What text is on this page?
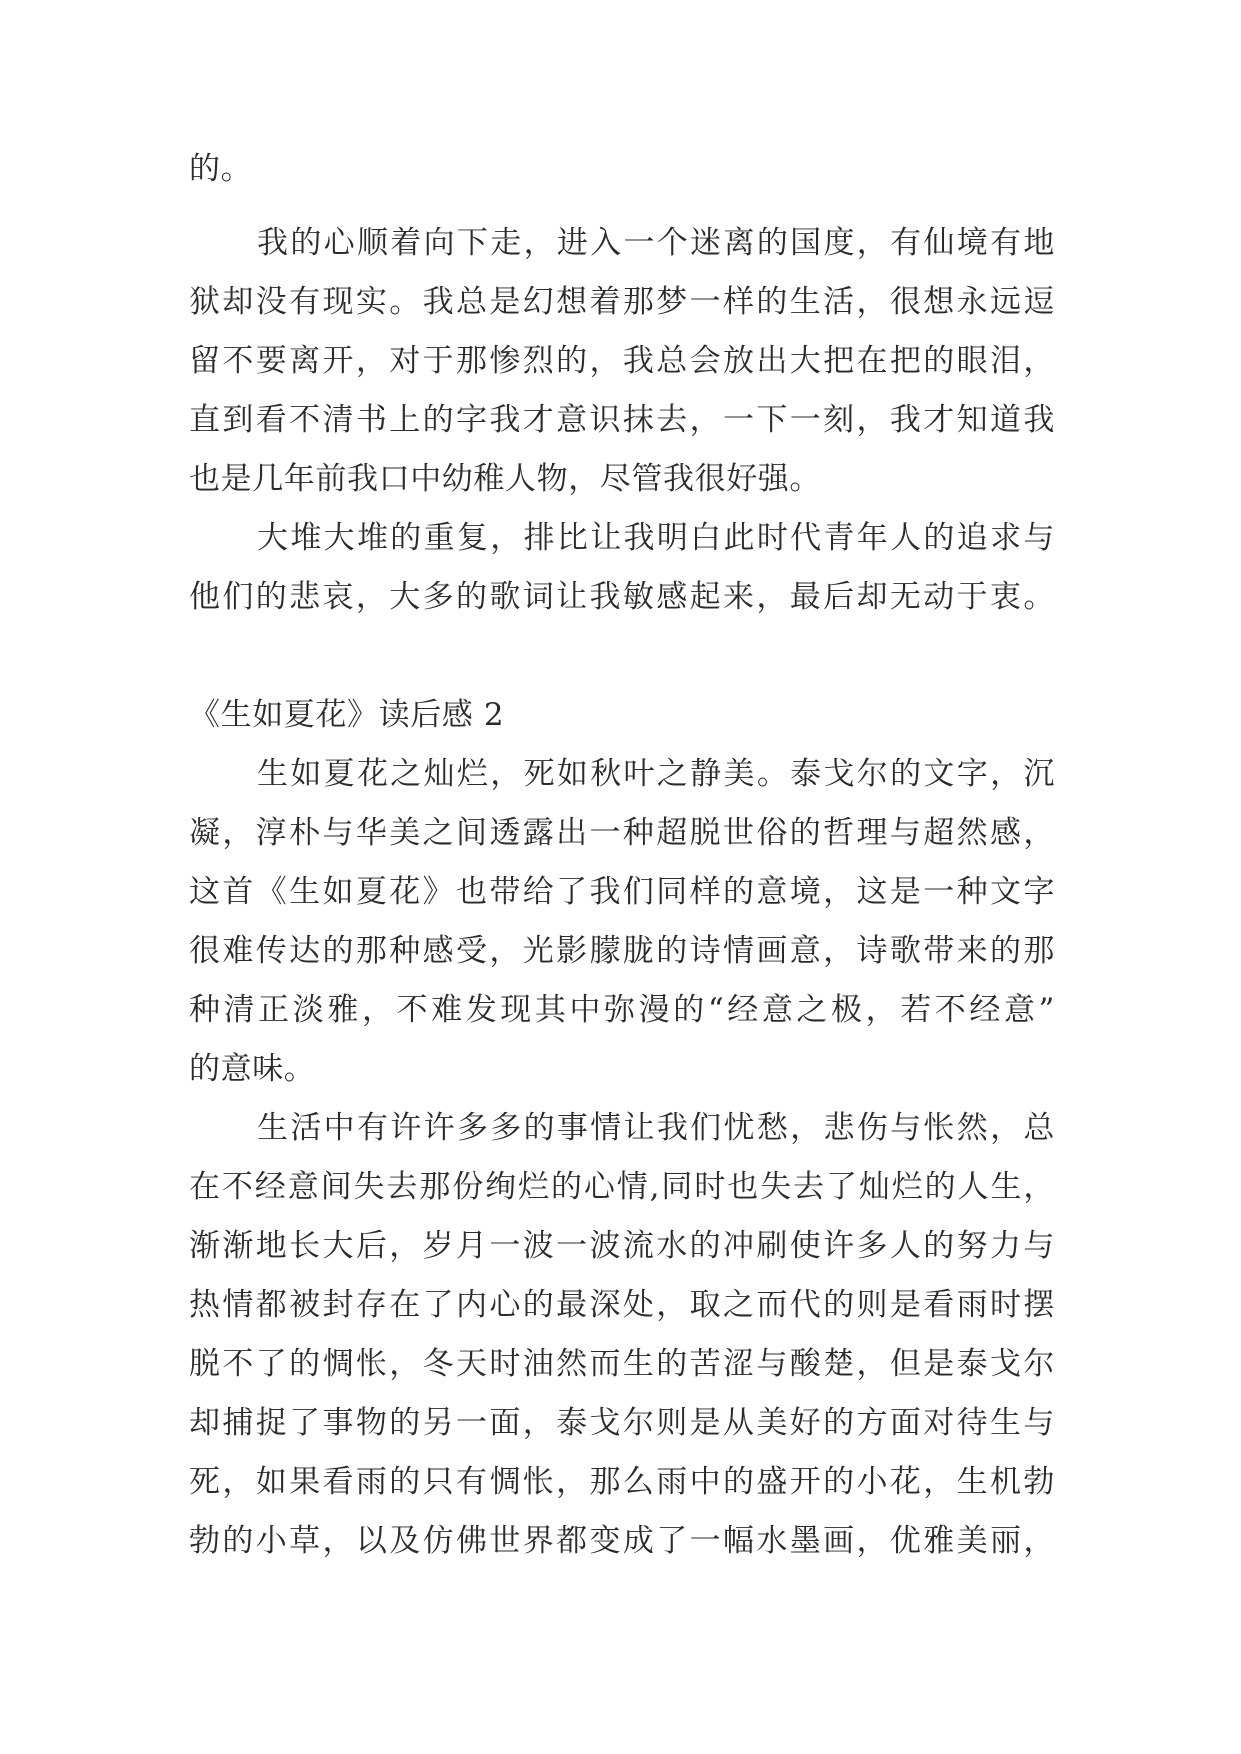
的。

我的心顺着向下走，进入一个迷离的国度，有仙境有地

狱却没有现实。我总是幻想着那梦一样的生活，很想永远逗

留不要离开，对于那惨烈的，我总会放出大把在把的眼泪，

直到看不清书上的字我才意识抹去，一下一刻，我才知道我

也是几年前我口中幼稚人物，尽管我很好强。

大堆大堆的重复，排比让我明白此时代青年人的追求与

他们的悲哀，大多的歌词让我敏感起来，最后却无动于衷。

《生如夏花》读后感 2

生如夏花之灿烂，死如秋叶之静美。泰戈尔的文字，沉

凝，淳朴与华美之间透露出一种超脱世俗的哲理与超然感，

这首《生如夏花》也带给了我们同样的意境，这是一种文字

很难传达的那种感受，光影朦胧的诗情画意，诗歌带来的那

种清正淡雅，不难发现其中弥漫的“经意之极，若不经意”

的意味。

生活中有许许多多的事情让我们忧愁，悲伤与怅然，总

在不经意间失去那份绚烂的心情,同时也失去了灿烂的人生，

渐渐地长大后，岁月一波一波流水的冲刷使许多人的努力与

热情都被封存在了内心的最深处，取之而代的则是看雨时摆

脱不了的惆怅，冬天时油然而生的苦涩与酸楚，但是泰戈尔

却捕捉了事物的另一面，泰戈尔则是从美好的方面对待生与

死，如果看雨的只有惆怅，那么雨中的盛开的小花，生机勃

勃的小草，以及仿佛世界都变成了一幅水墨画，优雅美丽，
